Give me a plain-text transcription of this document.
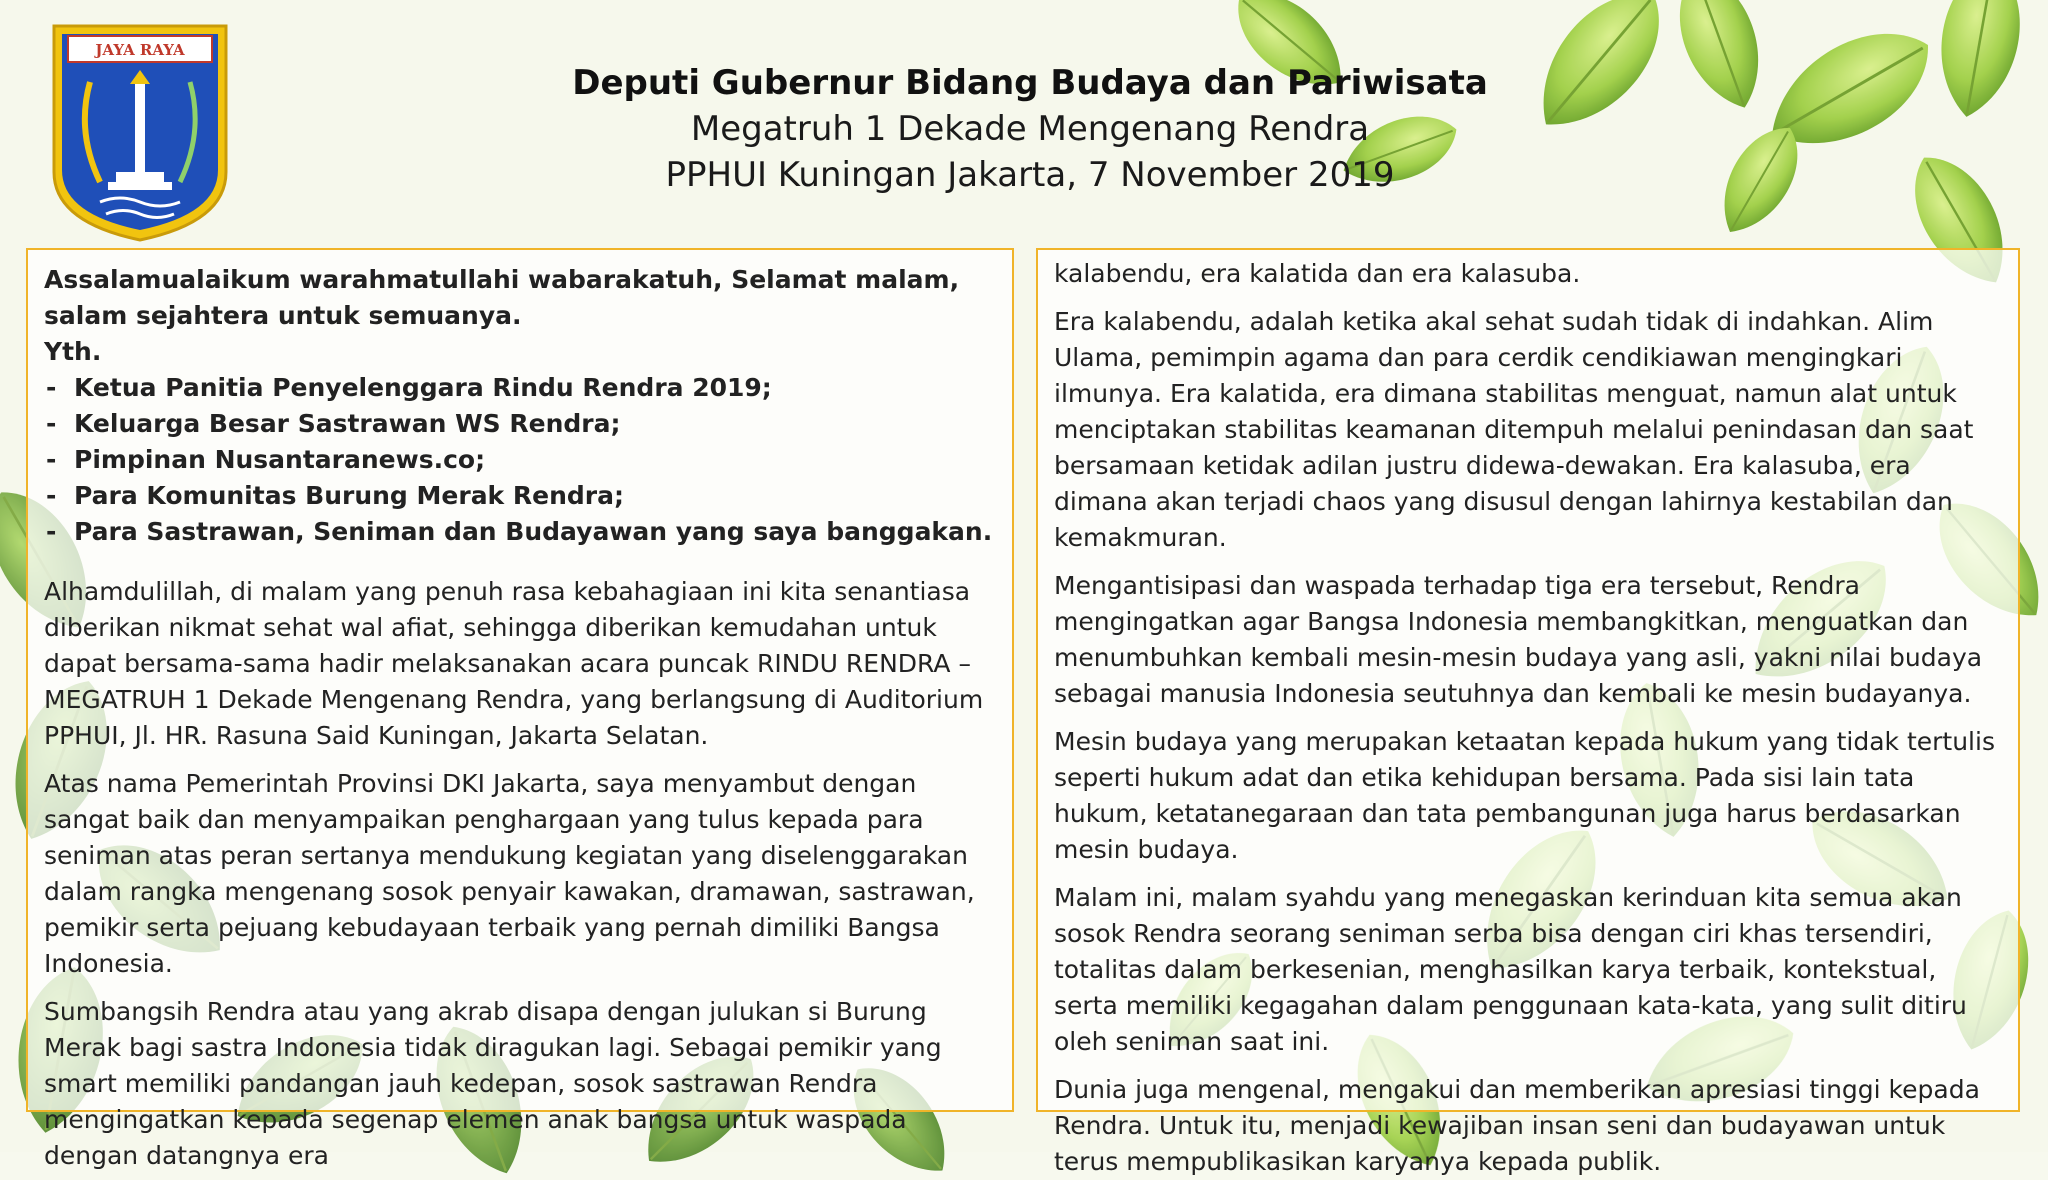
JAYA RAYA
Deputi Gubernur Bidang Budaya dan Pariwisata
Megatruh 1 Dekade Mengenang Rendra
PPHUI Kuningan Jakarta, 7 November 2019
Assalamualaikum warahmatullahi wabarakatuh, Selamat malam, salam sejahtera untuk semuanya.
Yth.
- Ketua Panitia Penyelenggara Rindu Rendra 2019;
- Keluarga Besar Sastrawan WS Rendra;
- Pimpinan Nusantaranews.co;
- Para Komunitas Burung Merak Rendra;
- Para Sastrawan, Seniman dan Budayawan yang saya banggakan.

Alhamdulillah, di malam yang penuh rasa kebahagiaan ini kita senantiasa diberikan nikmat sehat wal afiat, sehingga diberikan kemudahan untuk dapat bersama-sama hadir melaksanakan acara puncak RINDU RENDRA – MEGATRUH 1 Dekade Mengenang Rendra, yang berlangsung di Auditorium PPHUI, Jl. HR. Rasuna Said Kuningan, Jakarta Selatan.

Atas nama Pemerintah Provinsi DKI Jakarta, saya menyambut dengan sangat baik dan menyampaikan penghargaan yang tulus kepada para seniman atas peran sertanya mendukung kegiatan yang diselenggarakan dalam rangka mengenang sosok penyair kawakan, dramawan, sastrawan, pemikir serta pejuang kebudayaan terbaik yang pernah dimiliki Bangsa Indonesia.

Sumbangsih Rendra atau yang akrab disapa dengan julukan si Burung Merak bagi sastra Indonesia tidak diragukan lagi. Sebagai pemikir yang smart memiliki pandangan jauh kedepan, sosok sastrawan Rendra mengingatkan kepada segenap elemen anak bangsa untuk waspada dengan datangnya era

kalabendu, era kalatida dan era kalasuba.

Era kalabendu, adalah ketika akal sehat sudah tidak di indahkan. Alim Ulama, pemimpin agama dan para cerdik cendikiawan mengingkari ilmunya. Era kalatida, era dimana stabilitas menguat, namun alat untuk menciptakan stabilitas keamanan ditempuh melalui penindasan dan saat bersamaan ketidak adilan justru didewa-dewakan. Era kalasuba, era dimana akan terjadi chaos yang disusul dengan lahirnya kestabilan dan kemakmuran.

Mengantisipasi dan waspada terhadap tiga era tersebut, Rendra mengingatkan agar Bangsa Indonesia membangkitkan, menguatkan dan menumbuhkan kembali mesin-mesin budaya yang asli, yakni nilai budaya sebagai manusia Indonesia seutuhnya dan kembali ke mesin budayanya.

Mesin budaya yang merupakan ketaatan kepada hukum yang tidak tertulis seperti hukum adat dan etika kehidupan bersama. Pada sisi lain tata hukum, ketatanegaraan dan tata pembangunan juga harus berdasarkan mesin budaya.

Malam ini, malam syahdu yang menegaskan kerinduan kita semua akan sosok Rendra seorang seniman serba bisa dengan ciri khas tersendiri, totalitas dalam berkesenian, menghasilkan karya terbaik, kontekstual, serta memiliki kegagahan dalam penggunaan kata-kata, yang sulit ditiru oleh seniman saat ini.

Dunia juga mengenal, mengakui dan memberikan apresiasi tinggi kepada Rendra. Untuk itu, menjadi kewajiban insan seni dan budayawan untuk terus mempublikasikan karyanya kepada publik.
